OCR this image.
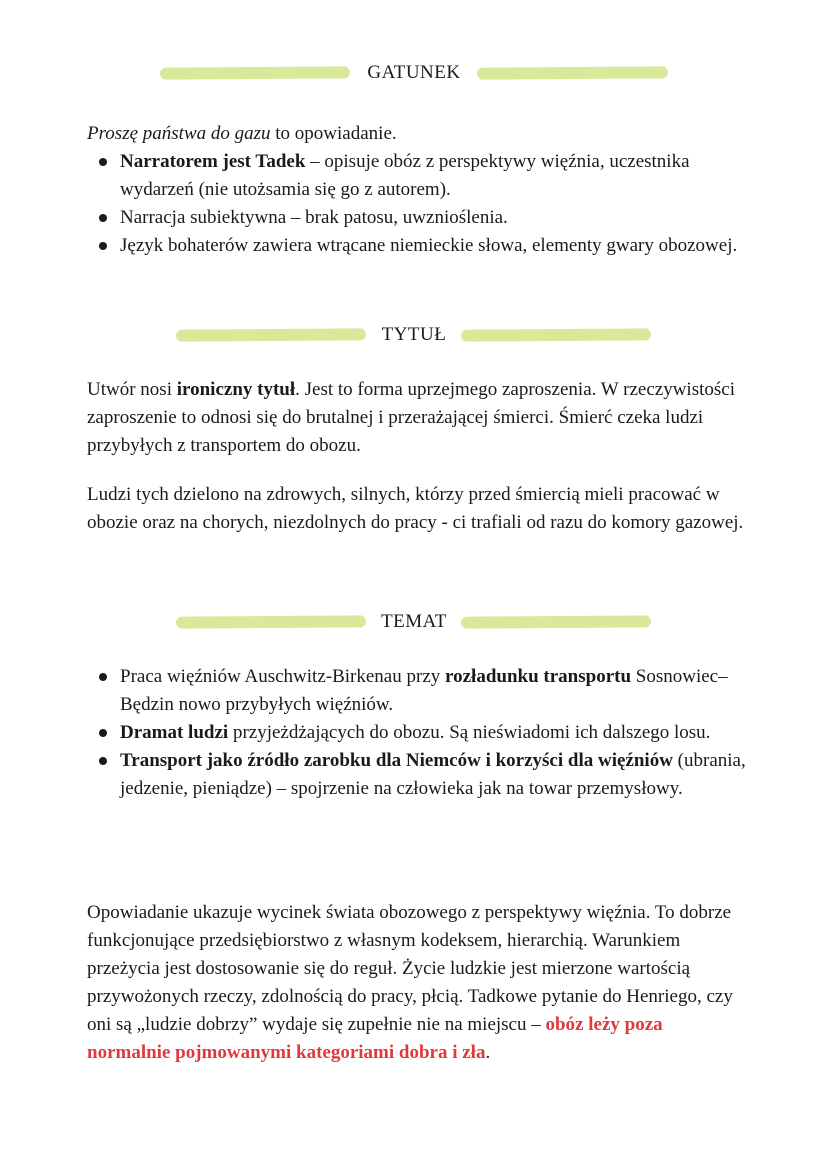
GATUNEK

Proszę państwa do gazu to opowiadanie.

Narratorem jest Tadek – opisuje obóz z perspektywy więźnia, uczestnika wydarzeń (nie utożsamia się go z autorem).
Narracja subiektywna – brak patosu, uwznioślenia.
Język bohaterów zawiera wtrącane niemieckie słowa, elementy gwary obozowej.
TYTUŁ

Utwór nosi ironiczny tytuł. Jest to forma uprzejmego zaproszenia. W rzeczywistości zaproszenie to odnosi się do brutalnej i przerażającej śmierci. Śmierć czeka ludzi przybyłych z transportem do obozu.

Ludzi tych dzielono na zdrowych, silnych, którzy przed śmiercią mieli pracować w obozie oraz na chorych, niezdolnych do pracy - ci trafiali od razu do komory gazowej.

TEMAT
Praca więźniów Auschwitz-Birkenau przy rozładunku transportu Sosnowiec–Będzin nowo przybyłych więźniów.
Dramat ludzi przyjeżdżających do obozu. Są nieświadomi ich dalszego losu.
Transport jako źródło zarobku dla Niemców i korzyści dla więźniów (ubrania, jedzenie, pieniądze) – spojrzenie na człowieka jak na towar przemysłowy.

Opowiadanie ukazuje wycinek świata obozowego z perspektywy więźnia. To dobrze funkcjonujące przedsiębiorstwo z własnym kodeksem, hierarchią. Warunkiem przeżycia jest dostosowanie się do reguł. Życie ludzkie jest mierzone wartością przywożonych rzeczy, zdolnością do pracy, płcią. Tadkowe pytanie do Henriego, czy oni są „ludzie dobrzy” wydaje się zupełnie nie na miejscu – obóz leży poza normalnie pojmowanymi kategoriami dobra i zła.
